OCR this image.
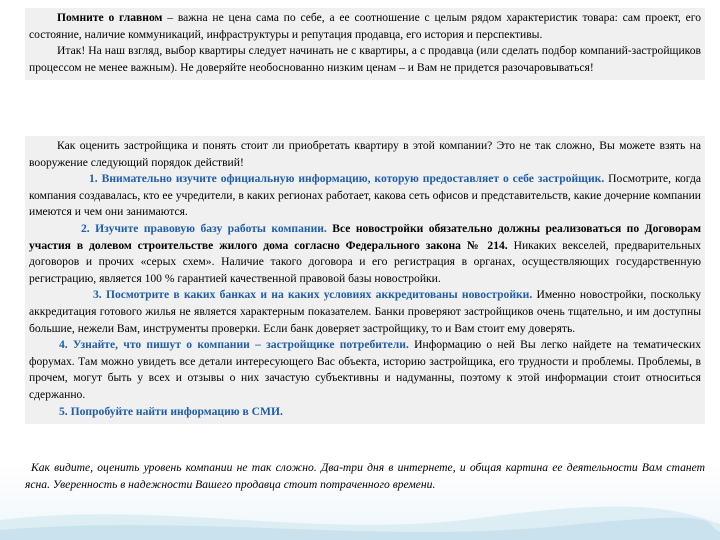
Помните о главном – важна не цена сама по себе, а ее соотношение с целым рядом характеристик товара: сам проект, его состояние, наличие коммуникаций, инфраструктуры и репутация продавца, его история и перспективы.

Итак! На наш взгляд, выбор квартиры следует начинать не с квартиры, а с продавца (или сделать подбор компаний-застройщиков процессом не менее важным). Не доверяйте необоснованно низким ценам – и Вам не придется разочаровываться!

Как оценить застройщика и понять стоит ли приобретать квартиру в этой компании? Это не так сложно, Вы можете взять на вооружение следующий порядок действий!

1. Внимательно изучите официальную информацию, которую предоставляет о себе застройщик. Посмотрите, когда компания создавалась, кто ее учредители, в каких регионах работает, какова сеть офисов и представительств, какие дочерние компании имеются и чем они занимаются.

2. Изучите правовую базу работы компании. Все новостройки обязательно должны реализоваться по Договорам участия в долевом строительстве жилого дома согласно Федерального закона № 214. Никаких векселей, предварительных договоров и прочих «серых схем». Наличие такого договора и его регистрация в органах, осуществляющих государственную регистрацию, является 100 % гарантией качественной правовой базы новостройки.

3. Посмотрите в каких банках и на каких условиях аккредитованы новостройки. Именно новостройки, поскольку аккредитация готового жилья не является характерным показателем. Банки проверяют застройщиков очень тщательно, и им доступны большие, нежели Вам, инструменты проверки. Если банк доверяет застройщику, то и Вам стоит ему доверять.

4. Узнайте, что пишут о компании – застройщике потребители. Информацию о ней Вы легко найдете на тематических форумах. Там можно увидеть все детали интересующего Вас объекта, историю застройщика, его трудности и проблемы. Проблемы, в прочем, могут быть у всех и отзывы о них зачастую субъективны и надуманны, поэтому к этой информации стоит относиться сдержанно.

5. Попробуйте найти информацию в СМИ.

Как видите, оценить уровень компании не так сложно. Два-три дня в интернете, и общая картина ее деятельности Вам станет ясна. Уверенность в надежности Вашего продавца стоит потраченного времени.
